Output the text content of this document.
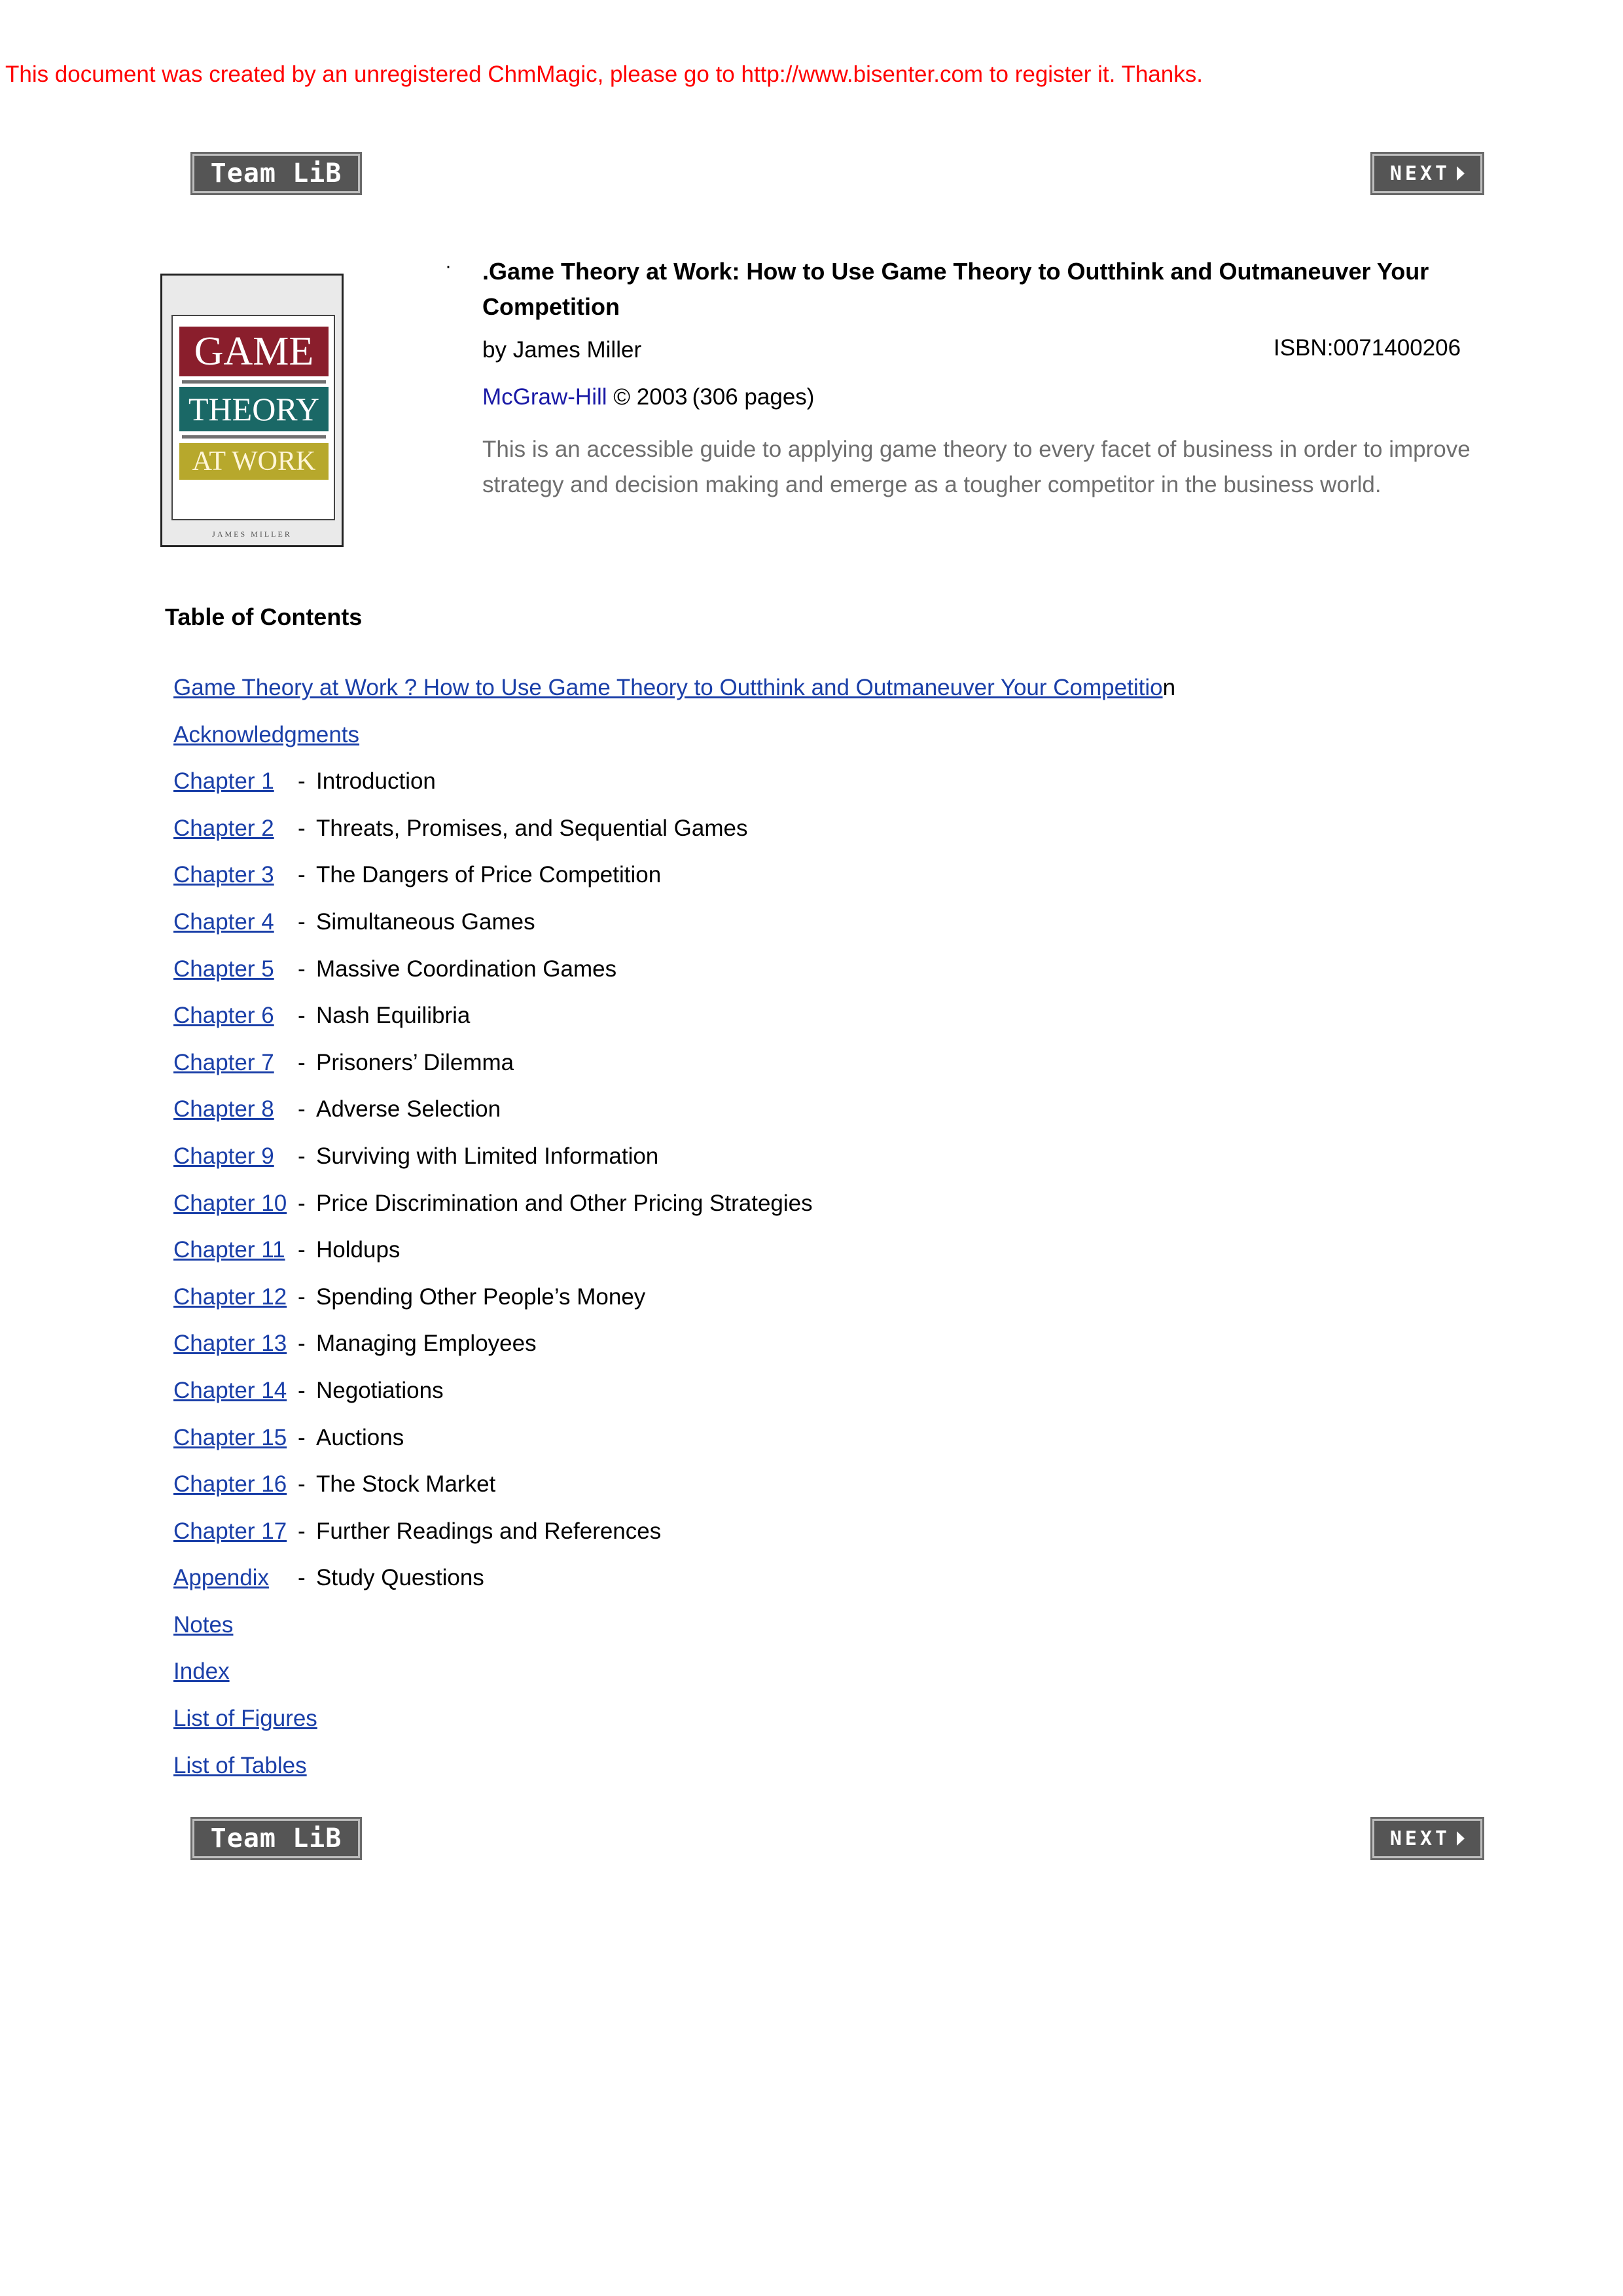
This document was created by an unregistered ChmMagic, please go to http://www.bisenter.com to register it. Thanks.
Team LiB	NEXT
GAME
THEORY
AT WORK
JAMES MILLER
· .Game Theory at Work: How to Use Game Theory to Outthink and Outmaneuver Your Competition
by James Miller	ISBN:0071400206
McGraw-Hill © 2003 (306 pages)
This is an accessible guide to applying game theory to every facet of business in order to improve strategy and decision making and emerge as a tougher competitor in the business world.
Table of Contents
Game Theory at Work ? How to Use Game Theory to Outthink and Outmaneuver Your Competition
Acknowledgments
Chapter 1 - Introduction
Chapter 2 - Threats, Promises, and Sequential Games
Chapter 3 - The Dangers of Price Competition
Chapter 4 - Simultaneous Games
Chapter 5 - Massive Coordination Games
Chapter 6 - Nash Equilibria
Chapter 7 - Prisoners’ Dilemma
Chapter 8 - Adverse Selection
Chapter 9 - Surviving with Limited Information
Chapter 10 - Price Discrimination and Other Pricing Strategies
Chapter 11 - Holdups
Chapter 12 - Spending Other People’s Money
Chapter 13 - Managing Employees
Chapter 14 - Negotiations
Chapter 15 - Auctions
Chapter 16 - The Stock Market
Chapter 17 - Further Readings and References
Appendix - Study Questions
Notes
Index
List of Figures
List of Tables
Team LiB	NEXT
